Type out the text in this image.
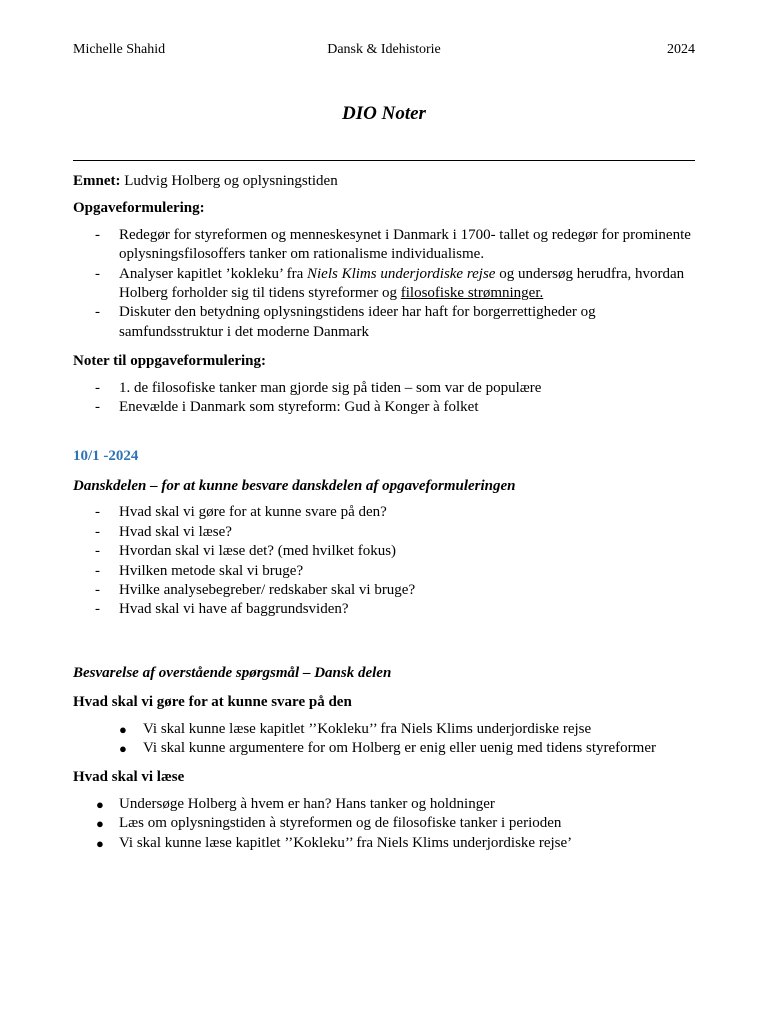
Michelle Shahid	Dansk & Idehistorie	2024
DIO Noter

Emnet: Ludvig Holberg og oplysningstiden

Opgaveformulering:

- Redegør for styreformen og menneskesynet i Danmark i 1700- tallet og redegør for prominente oplysningsfilosoffers tanker om rationalisme individualisme.
- Analyser kapitlet ’kokleku’ fra Niels Klims underjordiske rejse og undersøg herudfra, hvordan Holberg forholder sig til tidens styreformer og filosofiske strømninger.
- Diskuter den betydning oplysningstidens ideer har haft for borgerrettigheder og samfundsstruktur i det moderne Danmark

Noter til oppgaveformulering:

- 1. de filosofiske tanker man gjorde sig på tiden – som var de populære
- Enevælde i Danmark som styreform: Gud à Konger à folket

10/1 -2024

Danskdelen – for at kunne besvare danskdelen af opgaveformuleringen

- Hvad skal vi gøre for at kunne svare på den?
- Hvad skal vi læse?
- Hvordan skal vi læse det? (med hvilket fokus)
- Hvilken metode skal vi bruge?
- Hvilke analysebegreber/ redskaber skal vi bruge?
- Hvad skal vi have af baggrundsviden?

Besvarelse af overstående spørgsmål – Dansk delen

Hvad skal vi gøre for at kunne svare på den

● Vi skal kunne læse kapitlet ’’Kokleku’’ fra Niels Klims underjordiske rejse
● Vi skal kunne argumentere for om Holberg er enig eller uenig med tidens styreformer

Hvad skal vi læse

● Undersøge Holberg à hvem er han? Hans tanker og holdninger
● Læs om oplysningstiden à styreformen og de filosofiske tanker i perioden
● Vi skal kunne læse kapitlet ’’Kokleku’’ fra Niels Klims underjordiske rejse’
